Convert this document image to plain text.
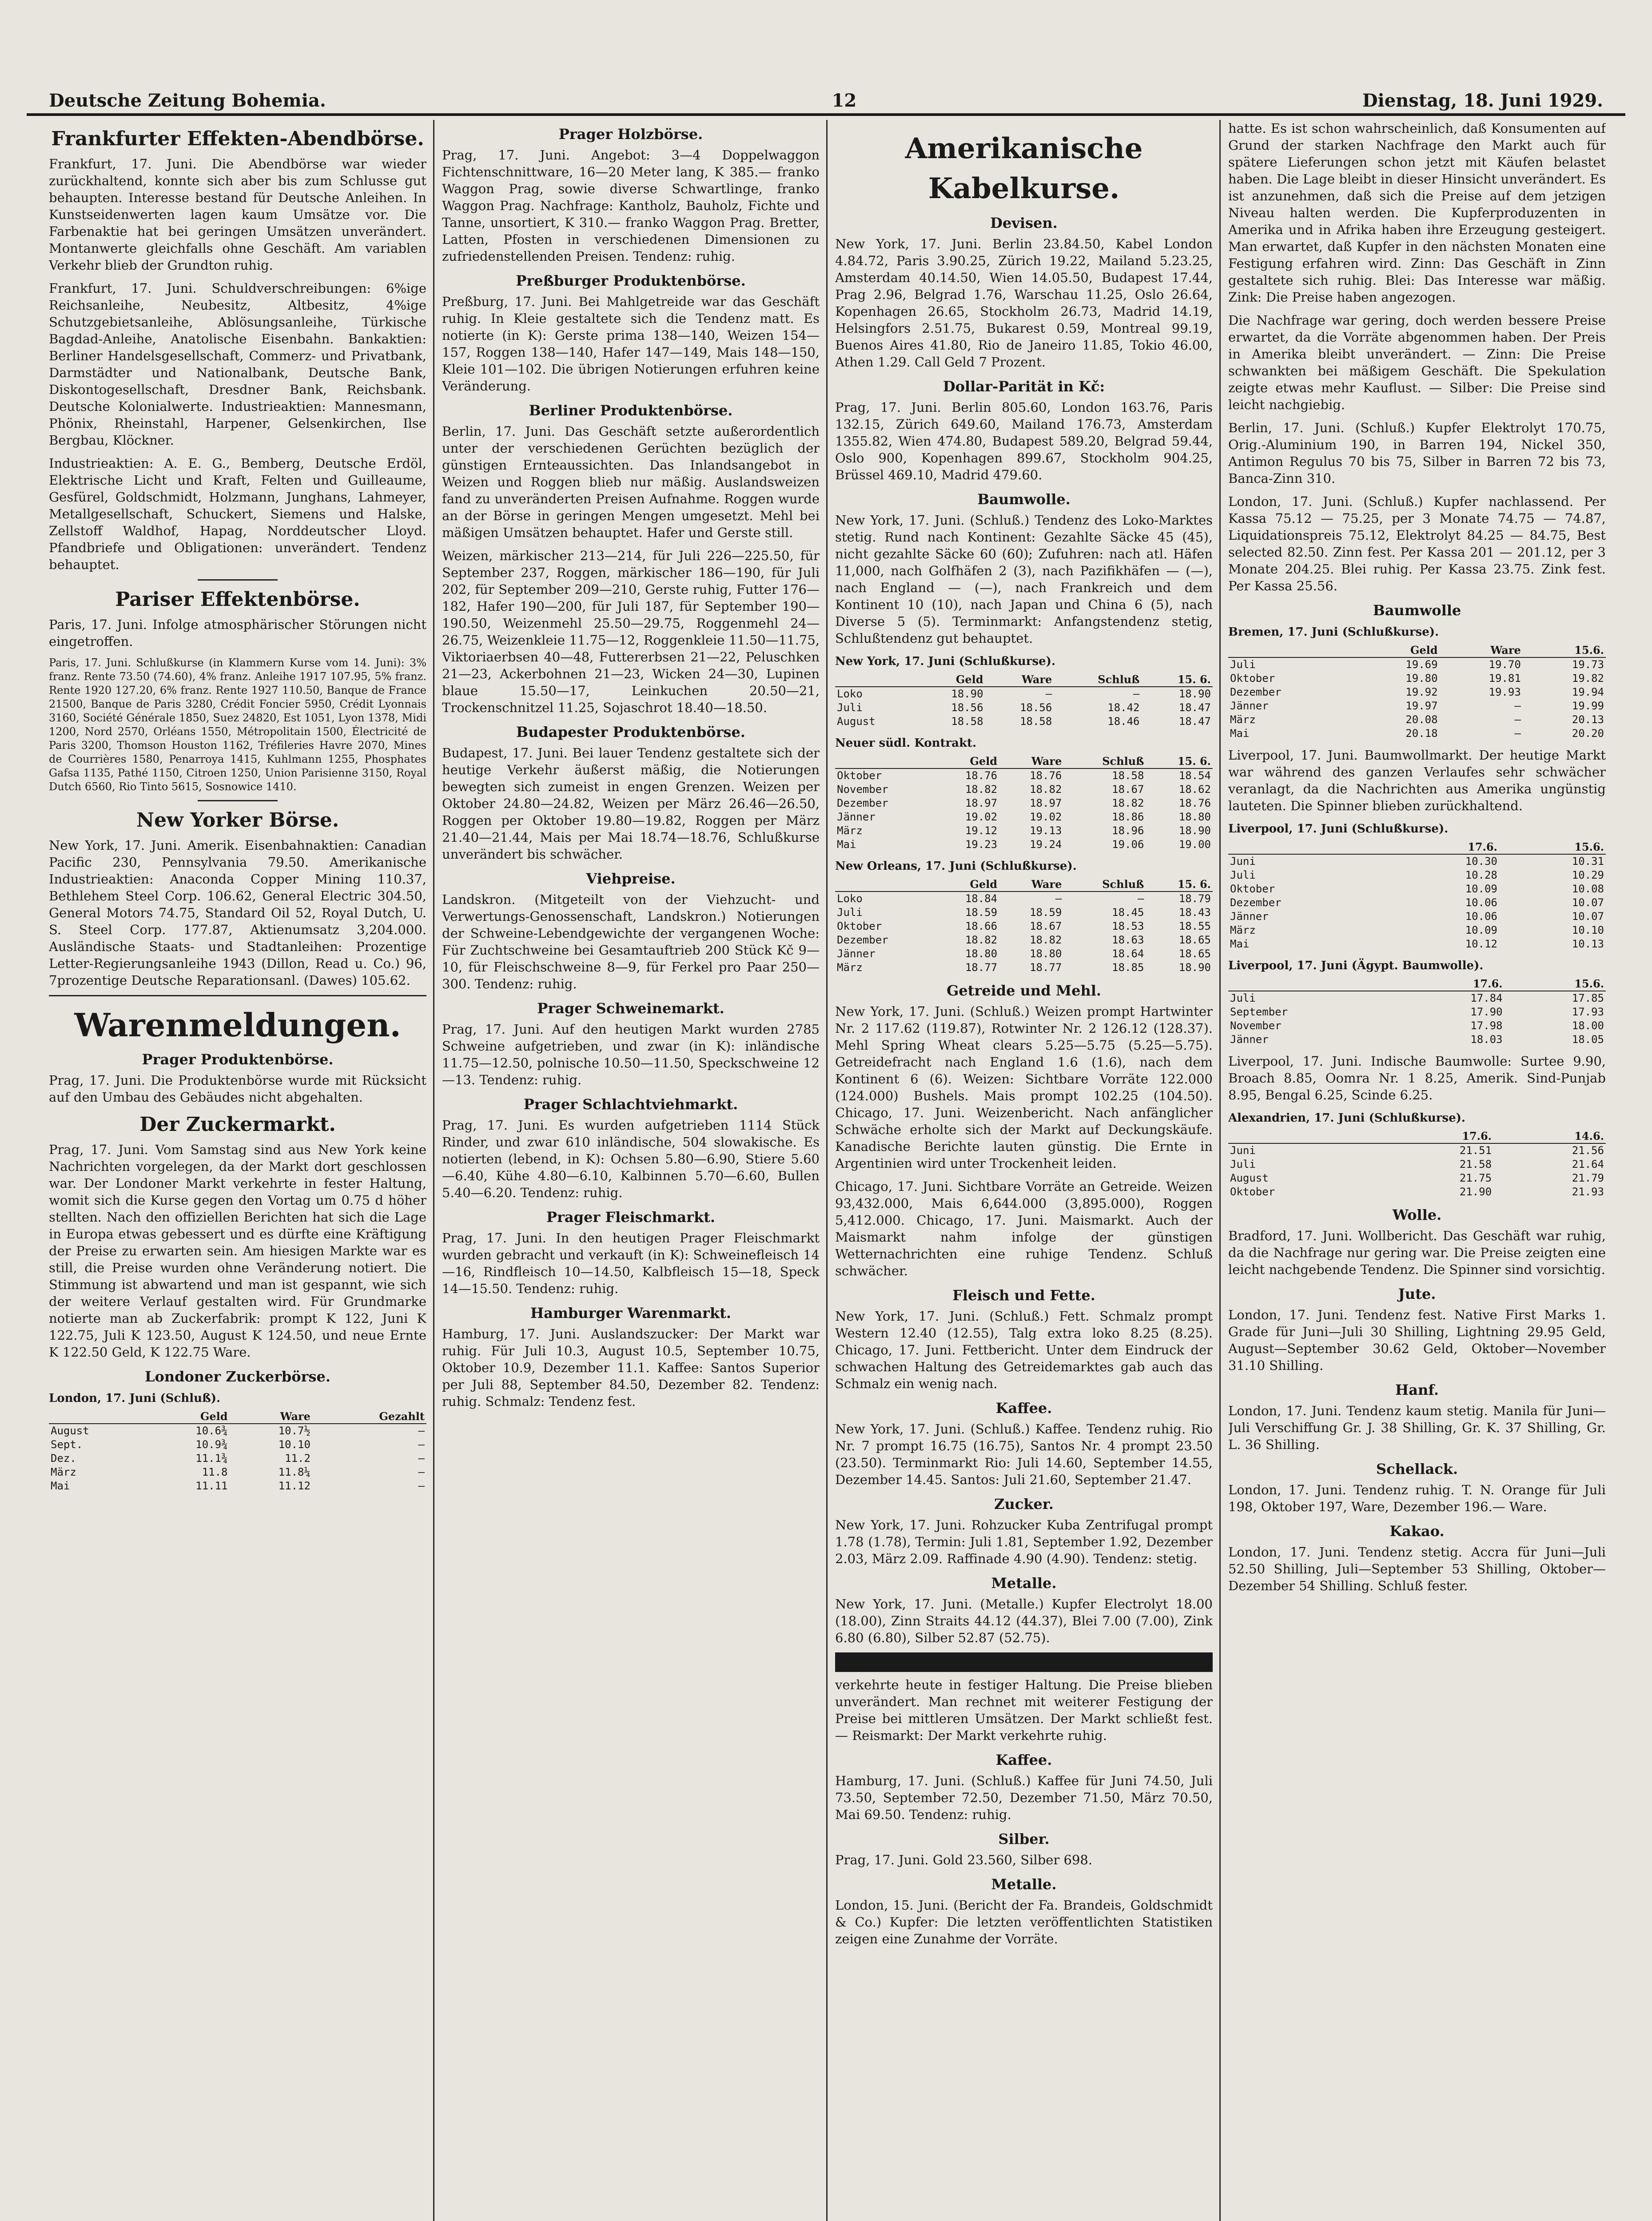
Deutsche Zeitung Bohemia.	12	Dienstag, 18. Juni 1929.
Frankfurter Effekten-Abendbörse.
Frankfurt, 17. Juni. Die Abendbörse war wieder zurückhaltend, konnte sich aber bis zum Schlusse gut behaupten. Interesse bestand für Deutsche Anleihen. In Kunstseidenwerten lagen kaum Umsätze vor. Die Farbenaktie hat bei geringen Umsätzen unverändert. Montanwerte gleichfalls ohne Geschäft. Am variablen Verkehr blieb der Grundton ruhig.
Frankfurt, 17. Juni. Schuldverschreibungen: 6%ige Reichsanleihe, Neubesitz, Altbesitz, 4%ige Schutzgebietsanleihe, Ablösungsanleihe, Türkische Bagdad-Anleihe, Anatolische Eisenbahn. Bankaktien: Berliner Handelsgesellschaft, Commerz- und Privatbank, Darmstädter und Nationalbank, Deutsche Bank, Diskontogesellschaft, Dresdner Bank, Reichsbank. Deutsche Kolonialwerte. Industrieaktien: Mannesmann, Phönix, Rheinstahl, Harpener, Gelsenkirchen, Ilse Bergbau, Klöckner.
Industrieaktien: A. E. G., Bemberg, Deutsche Erdöl, Elektrische Licht und Kraft, Felten und Guilleaume, Gesfürel, Goldschmidt, Holzmann, Junghans, Lahmeyer, Metallgesellschaft, Schuckert, Siemens und Halske, Zellstoff Waldhof, Hapag, Norddeutscher Lloyd. Pfandbriefe und Obligationen: unverändert. Tendenz behauptet.
Pariser Effektenbörse.
Paris, 17. Juni. Infolge atmosphärischer Störungen nicht eingetroffen.
Paris, 17. Juni. Schlußkurse (in Klammern Kurse vom 14. Juni): 3% franz. Rente 73.50 (74.60), 4% franz. Anleihe 1917 107.95, 5% franz. Rente 1920 127.20, 6% franz. Rente 1927 110.50, Banque de France 21500, Banque de Paris 3280, Crédit Foncier 5950, Crédit Lyonnais 3160, Société Générale 1850, Suez 24820, Est 1051, Lyon 1378, Midi 1200, Nord 2570, Orléans 1550, Métropolitain 1500, Électricité de Paris 3200, Thomson Houston 1162, Tréfileries Havre 2070, Mines de Courrières 1580, Penarroya 1415, Kuhlmann 1255, Phosphates Gafsa 1135, Pathé 1150, Citroen 1250, Union Parisienne 3150, Royal Dutch 6560, Rio Tinto 5615, Sosnowice 1410.
New Yorker Börse.
New York, 17. Juni. Amerik. Eisenbahnaktien: Canadian Pacific 230, Pennsylvania 79.50. Amerikanische Industrieaktien: Anaconda Copper Mining 110.37, Bethlehem Steel Corp. 106.62, General Electric 304.50, General Motors 74.75, Standard Oil 52, Royal Dutch, U. S. Steel Corp. 177.87, Aktienumsatz 3,204.000. Ausländische Staats- und Stadtanleihen: Prozentige Letter-Regierungsanleihe 1943 (Dillon, Read u. Co.) 96, 7prozentige Deutsche Reparationsanl. (Dawes) 105.62.
Warenmeldungen.
Prager Produktenbörse.
Prag, 17. Juni. Die Produktenbörse wurde mit Rücksicht auf den Umbau des Gebäudes nicht abgehalten.
Der Zuckermarkt.
Prag, 17. Juni. Vom Samstag sind aus New York keine Nachrichten vorgelegen, da der Markt dort geschlossen war. Der Londoner Markt verkehrte in fester Haltung, womit sich die Kurse gegen den Vortag um 0.75 d höher stellten. Nach den offiziellen Berichten hat sich die Lage in Europa etwas gebessert und es dürfte eine Kräftigung der Preise zu erwarten sein. Am hiesigen Markte war es still, die Preise wurden ohne Veränderung notiert. Die Stimmung ist abwartend und man ist gespannt, wie sich der weitere Verlauf gestalten wird. Für Grundmarke notierte man ab Zuckerfabrik: prompt K 122, Juni K 122.75, Juli K 123.50, August K 124.50, und neue Ernte K 122.50 Geld, K 122.75 Ware.
Londoner Zuckerbörse.
London, 17. Juni (Schluß).
	Geld	Ware	Gezahlt
August	10.6¾	10.7½	—
Sept.	10.9¾	10.10	—
Dez.	11.1¾	11.2	—
März	11.8	11.8¼	—
Mai	11.11	11.12	—
Prager Holzbörse.
Prag, 17. Juni. Angebot: 3—4 Doppelwaggon Fichtenschnittware, 16—20 Meter lang, K 385.— franko Waggon Prag, sowie diverse Schwartlinge, franko Waggon Prag. Nachfrage: Kantholz, Bauholz, Fichte und Tanne, unsortiert, K 310.— franko Waggon Prag. Bretter, Latten, Pfosten in verschiedenen Dimensionen zu zufriedenstellenden Preisen. Tendenz: ruhig.
Preßburger Produktenbörse.
Preßburg, 17. Juni. Bei Mahlgetreide war das Geschäft ruhig. In Kleie gestaltete sich die Tendenz matt. Es notierte (in K): Gerste prima 138—140, Weizen 154—157, Roggen 138—140, Hafer 147—149, Mais 148—150, Kleie 101—102. Die übrigen Notierungen erfuhren keine Veränderung.
Berliner Produktenbörse.
Berlin, 17. Juni. Das Geschäft setzte außerordentlich unter der verschiedenen Gerüchten bezüglich der günstigen Ernteaussichten. Das Inlandsangebot in Weizen und Roggen blieb nur mäßig. Auslandsweizen fand zu unveränderten Preisen Aufnahme. Roggen wurde an der Börse in geringen Mengen umgesetzt. Mehl bei mäßigen Umsätzen behauptet. Hafer und Gerste still.
Weizen, märkischer 213—214, für Juli 226—225.50, für September 237, Roggen, märkischer 186—190, für Juli 202, für September 209—210, Gerste ruhig, Futter 176—182, Hafer 190—200, für Juli 187, für September 190—190.50, Weizenmehl 25.50—29.75, Roggenmehl 24—26.75, Weizenkleie 11.75—12, Roggenkleie 11.50—11.75, Viktoriaerbsen 40—48, Futtererbsen 21—22, Peluschken 21—23, Ackerbohnen 21—23, Wicken 24—30, Lupinen blaue 15.50—17, Leinkuchen 20.50—21, Trockenschnitzel 11.25, Sojaschrot 18.40—18.50.
Budapester Produktenbörse.
Budapest, 17. Juni. Bei lauer Tendenz gestaltete sich der heutige Verkehr äußerst mäßig, die Notierungen bewegten sich zumeist in engen Grenzen. Weizen per Oktober 24.80—24.82, Weizen per März 26.46—26.50, Roggen per Oktober 19.80—19.82, Roggen per März 21.40—21.44, Mais per Mai 18.74—18.76, Schlußkurse unverändert bis schwächer.
Viehpreise.
Landskron. (Mitgeteilt von der Viehzucht- und Verwertungs-Genossenschaft, Landskron.) Notierungen der Schweine-Lebendgewichte der vergangenen Woche: Für Zuchtschweine bei Gesamtauftrieb 200 Stück Kč 9—10, für Fleischschweine 8—9, für Ferkel pro Paar 250—300. Tendenz: ruhig.
Prager Schweinemarkt.
Prag, 17. Juni. Auf den heutigen Markt wurden 2785 Schweine aufgetrieben, und zwar (in K): inländische 11.75—12.50, polnische 10.50—11.50, Speckschweine 12—13. Tendenz: ruhig.
Prager Schlachtviehmarkt.
Prag, 17. Juni. Es wurden aufgetrieben 1114 Stück Rinder, und zwar 610 inländische, 504 slowakische. Es notierten (lebend, in K): Ochsen 5.80—6.90, Stiere 5.60—6.40, Kühe 4.80—6.10, Kalbinnen 5.70—6.60, Bullen 5.40—6.20. Tendenz: ruhig.
Prager Fleischmarkt.
Prag, 17. Juni. In den heutigen Prager Fleischmarkt wurden gebracht und verkauft (in K): Schweinefleisch 14—16, Rindfleisch 10—14.50, Kalbfleisch 15—18, Speck 14—15.50. Tendenz: ruhig.
Hamburger Warenmarkt.
Hamburg, 17. Juni. Auslandszucker: Der Markt war ruhig. Für Juli 10.3, August 10.5, September 10.75, Oktober 10.9, Dezember 11.1. Kaffee: Santos Superior per Juli 88, September 84.50, Dezember 82. Tendenz: ruhig. Schmalz: Tendenz fest.
Amerikanische Kabelkurse.
Devisen.
New York, 17. Juni. Berlin 23.84.50, Kabel London 4.84.72, Paris 3.90.25, Zürich 19.22, Mailand 5.23.25, Amsterdam 40.14.50, Wien 14.05.50, Budapest 17.44, Prag 2.96, Belgrad 1.76, Warschau 11.25, Oslo 26.64, Kopenhagen 26.65, Stockholm 26.73, Madrid 14.19, Helsingfors 2.51.75, Bukarest 0.59, Montreal 99.19, Buenos Aires 41.80, Rio de Janeiro 11.85, Tokio 46.00, Athen 1.29. Call Geld 7 Prozent.
Dollar-Parität in Kč:
Prag, 17. Juni. Berlin 805.60, London 163.76, Paris 132.15, Zürich 649.60, Mailand 176.73, Amsterdam 1355.82, Wien 474.80, Budapest 589.20, Belgrad 59.44, Oslo 900, Kopenhagen 899.67, Stockholm 904.25, Brüssel 469.10, Madrid 479.60.
Baumwolle.
New York, 17. Juni. (Schluß.) Tendenz des Loko-Marktes stetig. Rund nach Kontinent: Gezahlte Säcke 45 (45), nicht gezahlte Säcke 60 (60); Zufuhren: nach atl. Häfen 11,000, nach Golfhäfen 2 (3), nach Pazifikhäfen — (—), nach England — (—), nach Frankreich und dem Kontinent 10 (10), nach Japan und China 6 (5), nach Diverse 5 (5). Terminmarkt: Anfangstendenz stetig, Schlußtendenz gut behauptet.
New York, 17. Juni (Schlußkurse).
	Geld	Ware	Schluß	15. 6.
Loko	18.90	—	—	18.90
Juli	18.56	18.56	18.42	18.47
August	18.58	18.58	18.46	18.47
Neuer südl. Kontrakt.
	Geld	Ware	Schluß	15. 6.
Oktober	18.76	18.76	18.58	18.54
November	18.82	18.82	18.67	18.62
Dezember	18.97	18.97	18.82	18.76
Jänner	19.02	19.02	18.86	18.80
März	19.12	19.13	18.96	18.90
Mai	19.23	19.24	19.06	19.00
New Orleans, 17. Juni (Schlußkurse).
	Geld	Ware	Schluß	15. 6.
Loko	18.84	—	—	18.79
Juli	18.59	18.59	18.45	18.43
Oktober	18.66	18.67	18.53	18.55
Dezember	18.82	18.82	18.63	18.65
Jänner	18.80	18.80	18.64	18.65
März	18.77	18.77	18.85	18.90
Getreide und Mehl.
New York, 17. Juni. (Schluß.) Weizen prompt Hartwinter Nr. 2 117.62 (119.87), Rotwinter Nr. 2 126.12 (128.37). Mehl Spring Wheat clears 5.25—5.75 (5.25—5.75). Getreidefracht nach England 1.6 (1.6), nach dem Kontinent 6 (6). Weizen: Sichtbare Vorräte 122.000 (124.000) Bushels. Mais prompt 102.25 (104.50). Chicago, 17. Juni. Weizenbericht. Nach anfänglicher Schwäche erholte sich der Markt auf Deckungskäufe. Kanadische Berichte lauten günstig. Die Ernte in Argentinien wird unter Trockenheit leiden.
Chicago, 17. Juni. Sichtbare Vorräte an Getreide. Weizen 93,432.000, Mais 6,644.000 (3,895.000), Roggen 5,412.000. Chicago, 17. Juni. Maismarkt. Auch der Maismarkt nahm infolge der günstigen Wetternachrichten eine ruhige Tendenz. Schluß schwächer.
Fleisch und Fette.
New York, 17. Juni. (Schluß.) Fett. Schmalz prompt Western 12.40 (12.55), Talg extra loko 8.25 (8.25). Chicago, 17. Juni. Fettbericht. Unter dem Eindruck der schwachen Haltung des Getreidemarktes gab auch das Schmalz ein wenig nach.
Kaffee.
New York, 17. Juni. (Schluß.) Kaffee. Tendenz ruhig. Rio Nr. 7 prompt 16.75 (16.75), Santos Nr. 4 prompt 23.50 (23.50). Terminmarkt Rio: Juli 14.60, September 14.55, Dezember 14.45. Santos: Juli 21.60, September 21.47.
Zucker.
New York, 17. Juni. Rohzucker Kuba Zentrifugal prompt 1.78 (1.78), Termin: Juli 1.81, September 1.92, Dezember 2.03, März 2.09. Raffinade 4.90 (4.90). Tendenz: stetig.
Metalle.
New York, 17. Juni. (Metalle.) Kupfer Electrolyt 18.00 (18.00), Zinn Straits 44.12 (44.37), Blei 7.00 (7.00), Zink 6.80 (6.80), Silber 52.87 (52.75).
verkehrte heute in festiger Haltung. Die Preise blieben unverändert. Man rechnet mit weiterer Festigung der Preise bei mittleren Umsätzen. Der Markt schließt fest. — Reismarkt: Der Markt verkehrte ruhig.
Kaffee.
Hamburg, 17. Juni. (Schluß.) Kaffee für Juni 74.50, Juli 73.50, September 72.50, Dezember 71.50, März 70.50, Mai 69.50. Tendenz: ruhig.
Silber.
Prag, 17. Juni. Gold 23.560, Silber 698.
Metalle.
London, 15. Juni. (Bericht der Fa. Brandeis, Goldschmidt & Co.) Kupfer: Die letzten veröffentlichten Statistiken zeigen eine Zunahme der Vorräte.
hatte. Es ist schon wahrscheinlich, daß Konsumenten auf Grund der starken Nachfrage den Markt auch für spätere Lieferungen schon jetzt mit Käufen belastet haben. Die Lage bleibt in dieser Hinsicht unverändert. Es ist anzunehmen, daß sich die Preise auf dem jetzigen Niveau halten werden. Die Kupferproduzenten in Amerika und in Afrika haben ihre Erzeugung gesteigert. Man erwartet, daß Kupfer in den nächsten Monaten eine Festigung erfahren wird. Zinn: Das Geschäft in Zinn gestaltete sich ruhig. Blei: Das Interesse war mäßig. Zink: Die Preise haben angezogen.
Die Nachfrage war gering, doch werden bessere Preise erwartet, da die Vorräte abgenommen haben. Der Preis in Amerika bleibt unverändert. — Zinn: Die Preise schwankten bei mäßigem Geschäft. Die Spekulation zeigte etwas mehr Kauflust. — Silber: Die Preise sind leicht nachgiebig.
Berlin, 17. Juni. (Schluß.) Kupfer Elektrolyt 170.75, Orig.-Aluminium 190, in Barren 194, Nickel 350, Antimon Regulus 70 bis 75, Silber in Barren 72 bis 73, Banca-Zinn 310.
London, 17. Juni. (Schluß.) Kupfer nachlassend. Per Kassa 75.12 — 75.25, per 3 Monate 74.75 — 74.87, Liquidationspreis 75.12, Elektrolyt 84.25 — 84.75, Best selected 82.50. Zinn fest. Per Kassa 201 — 201.12, per 3 Monate 204.25. Blei ruhig. Per Kassa 23.75. Zink fest. Per Kassa 25.56.
Baumwolle
Bremen, 17. Juni (Schlußkurse).
	Geld	Ware	15.6.
Juli	19.69	19.70	19.73
Oktober	19.80	19.81	19.82
Dezember	19.92	19.93	19.94
Jänner	19.97	—	19.99
März	20.08	—	20.13
Mai	20.18	—	20.20
Liverpool, 17. Juni. Baumwollmarkt. Der heutige Markt war während des ganzen Verlaufes sehr schwächer veranlagt, da die Nachrichten aus Amerika ungünstig lauteten. Die Spinner blieben zurückhaltend.
Liverpool, 17. Juni (Schlußkurse).
	17.6.	15.6.
Juni	10.30	10.31
Juli	10.28	10.29
Oktober	10.09	10.08
Dezember	10.06	10.07
Jänner	10.06	10.07
März	10.09	10.10
Mai	10.12	10.13
Liverpool, 17. Juni (Ägypt. Baumwolle).
	17.6.	15.6.
Juli	17.84	17.85
September	17.90	17.93
November	17.98	18.00
Jänner	18.03	18.05
Liverpool, 17. Juni. Indische Baumwolle: Surtee 9.90, Broach 8.85, Oomra Nr. 1 8.25, Amerik. Sind-Punjab 8.95, Bengal 6.25, Scinde 6.25.
Alexandrien, 17. Juni (Schlußkurse).
	17.6.	14.6.
Juni	21.51	21.56
Juli	21.58	21.64
August	21.75	21.79
Oktober	21.90	21.93
Wolle.
Bradford, 17. Juni. Wollbericht. Das Geschäft war ruhig, da die Nachfrage nur gering war. Die Preise zeigten eine leicht nachgebende Tendenz. Die Spinner sind vorsichtig.
Jute.
London, 17. Juni. Tendenz fest. Native First Marks 1. Grade für Juni—Juli 30 Shilling, Lightning 29.95 Geld, August—September 30.62 Geld, Oktober—November 31.10 Shilling.
Hanf.
London, 17. Juni. Tendenz kaum stetig. Manila für Juni—Juli Verschiffung Gr. J. 38 Shilling, Gr. K. 37 Shilling, Gr. L. 36 Shilling.
Schellack.
London, 17. Juni. Tendenz ruhig. T. N. Orange für Juli 198, Oktober 197, Ware, Dezember 196.— Ware.
Kakao.
London, 17. Juni. Tendenz stetig. Accra für Juni—Juli 52.50 Shilling, Juli—September 53 Shilling, Oktober—Dezember 54 Shilling. Schluß fester.
